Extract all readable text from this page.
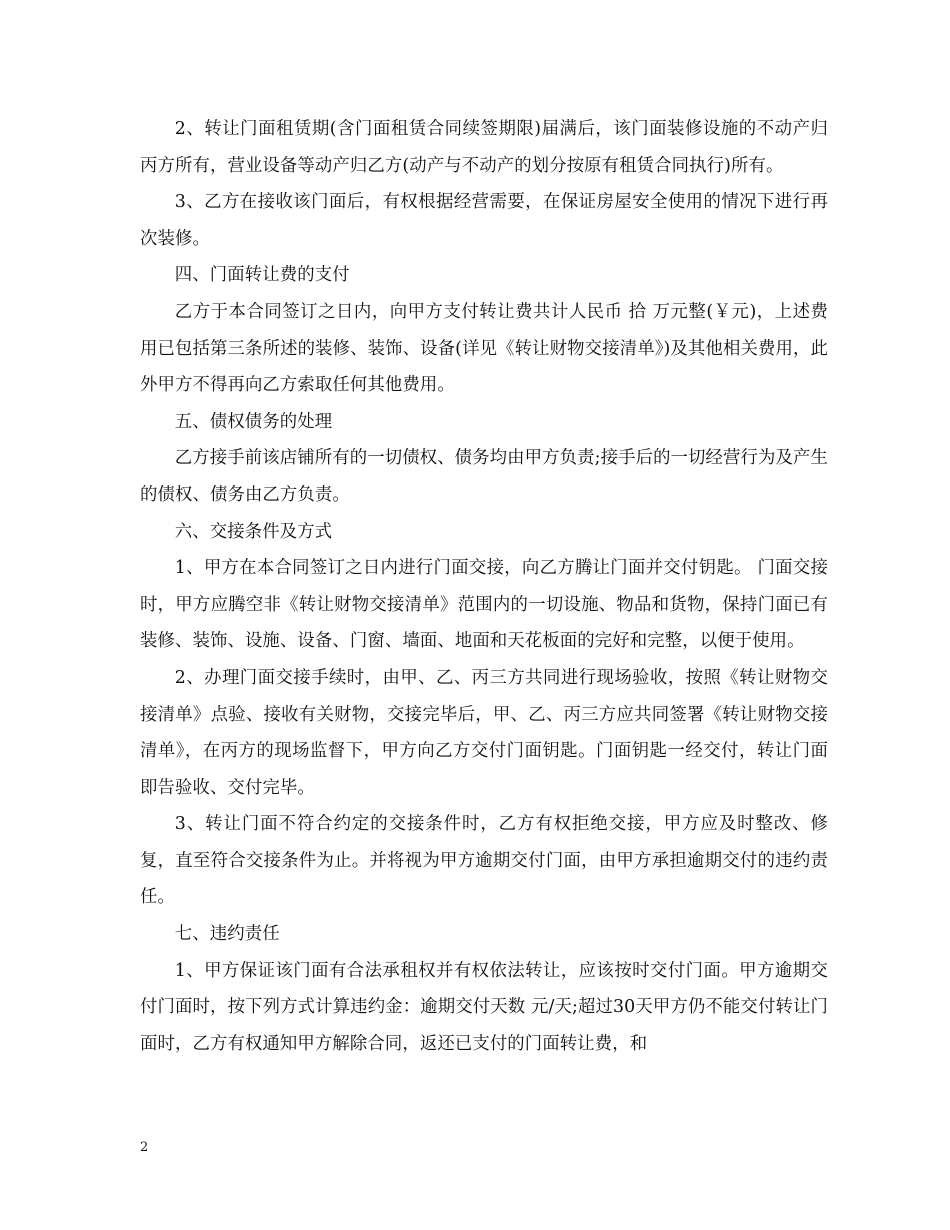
2、转让门面租赁期(含门面租赁合同续签期限)届满后，该门面装修设施的不动产归丙方所有，营业设备等动产归乙方(动产与不动产的划分按原有租赁合同执行)所有。

3、乙方在接收该门面后，有权根据经营需要，在保证房屋安全使用的情况下进行再次装修。

四、门面转让费的支付

乙方于本合同签订之日内，向甲方支付转让费共计人民币 拾 万元整(￥元)，上述费用已包括第三条所述的装修、装饰、设备(详见《转让财物交接清单》)及其他相关费用，此外甲方不得再向乙方索取任何其他费用。

五、债权债务的处理

乙方接手前该店铺所有的一切债权、债务均由甲方负责;接手后的一切经营行为及产生的债权、债务由乙方负责。

六、交接条件及方式

1、甲方在本合同签订之日内进行门面交接，向乙方腾让门面并交付钥匙。 门面交接时，甲方应腾空非《转让财物交接清单》范围内的一切设施、物品和货物，保持门面已有装修、装饰、设施、设备、门窗、墙面、地面和天花板面的完好和完整，以便于使用。

2、办理门面交接手续时，由甲、乙、丙三方共同进行现场验收，按照《转让财物交接清单》点验、接收有关财物，交接完毕后，甲、乙、丙三方应共同签署《转让财物交接清单》，在丙方的现场监督下，甲方向乙方交付门面钥匙。门面钥匙一经交付，转让门面即告验收、交付完毕。

3、转让门面不符合约定的交接条件时，乙方有权拒绝交接，甲方应及时整改、修复，直至符合交接条件为止。并将视为甲方逾期交付门面，由甲方承担逾期交付的违约责任。

七、违约责任

1、甲方保证该门面有合法承租权并有权依法转让，应该按时交付门面。甲方逾期交付门面时，按下列方式计算违约金：逾期交付天数 元/天;超过30天甲方仍不能交付转让门面时，乙方有权通知甲方解除合同，返还已支付的门面转让费，和

2
